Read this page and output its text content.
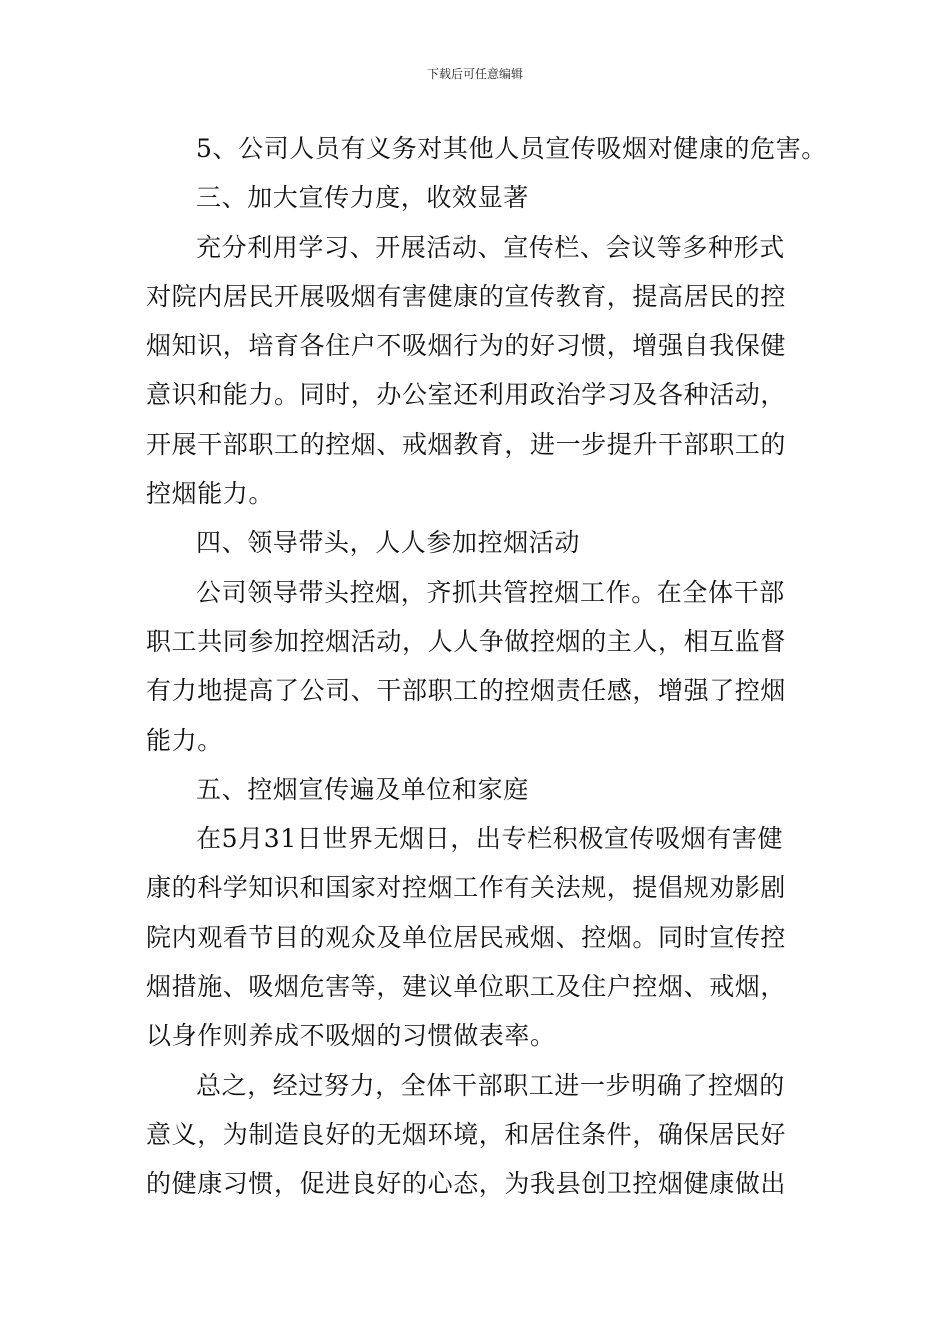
下载后可任意编辑
5、公司人员有义务对其他人员宣传吸烟对健康的危害。
三、加大宣传力度，收效显著
充分利用学习、开展活动、宣传栏、会议等多种形式
对院内居民开展吸烟有害健康的宣传教育，提高居民的控
烟知识，培育各住户不吸烟行为的好习惯，增强自我保健
意识和能力。同时，办公室还利用政治学习及各种活动，
开展干部职工的控烟、戒烟教育，进一步提升干部职工的
控烟能力。
四、领导带头，人人参加控烟活动
公司领导带头控烟，齐抓共管控烟工作。在全体干部
职工共同参加控烟活动，人人争做控烟的主人，相互监督
有力地提高了公司、干部职工的控烟责任感，增强了控烟
能力。
五、控烟宣传遍及单位和家庭
在5月31日世界无烟日，出专栏积极宣传吸烟有害健
康的科学知识和国家对控烟工作有关法规，提倡规劝影剧
院内观看节目的观众及单位居民戒烟、控烟。同时宣传控
烟措施、吸烟危害等，建议单位职工及住户控烟、戒烟，
以身作则养成不吸烟的习惯做表率。
总之，经过努力，全体干部职工进一步明确了控烟的
意义，为制造良好的无烟环境，和居住条件，确保居民好
的健康习惯，促进良好的心态，为我县创卫控烟健康做出
